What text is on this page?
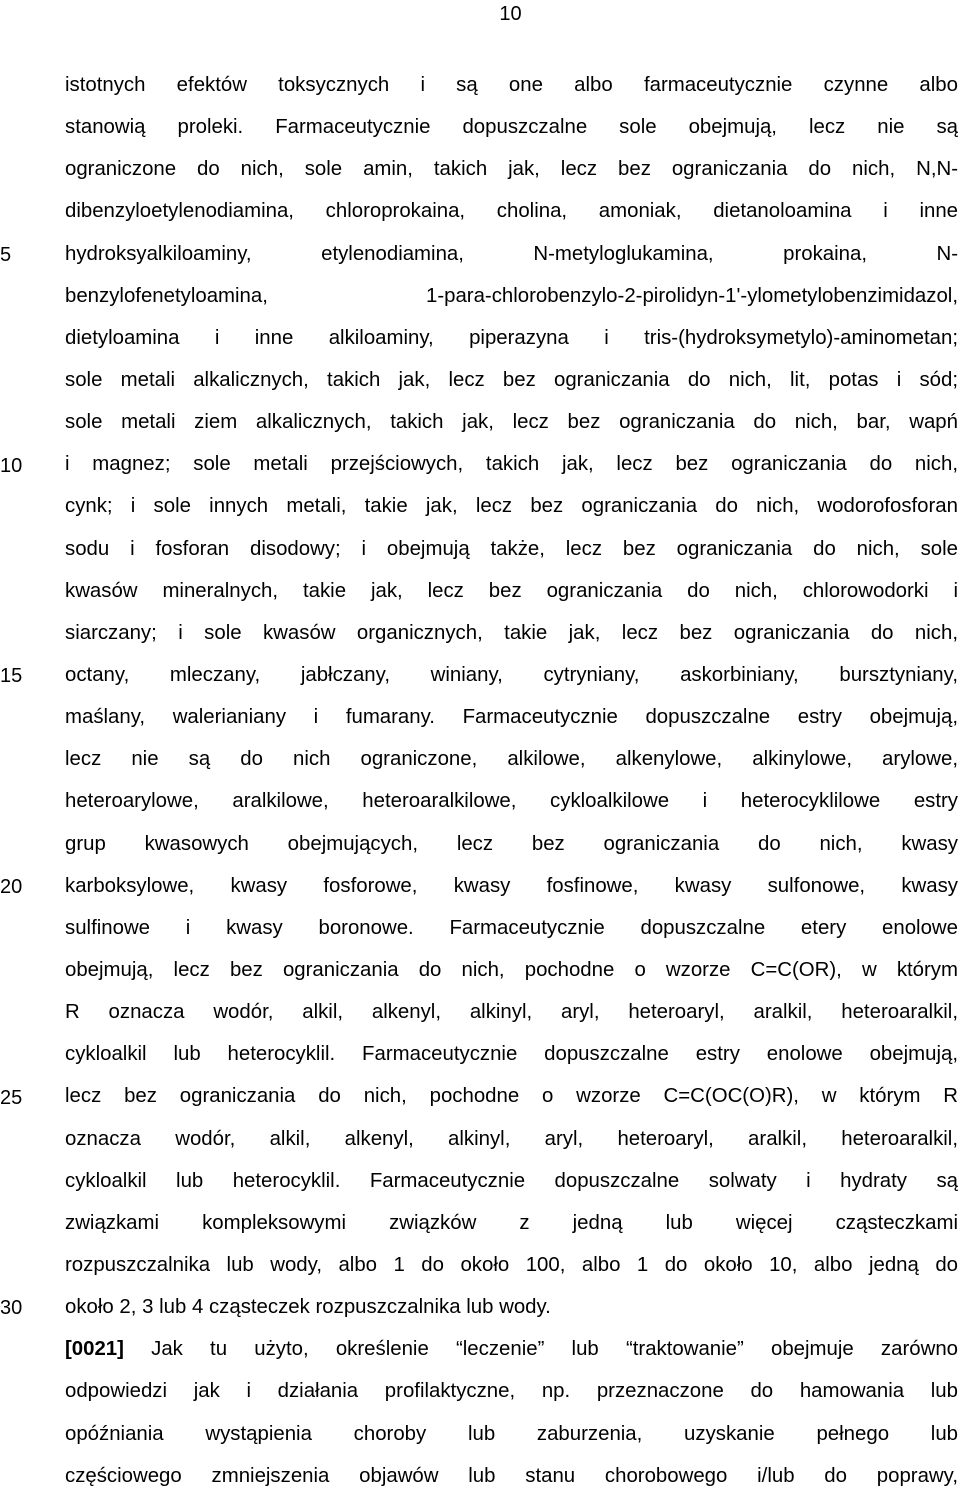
10
5
10
15
20
25
30
istotnych efektów toksycznych i są one albo farmaceutycznie czynne albo
stanowią proleki. Farmaceutycznie dopuszczalne sole obejmują, lecz nie są
ograniczone do nich, sole amin, takich jak, lecz bez ograniczania do nich, N,N-
dibenzyloetylenodiamina, chloroprokaina, cholina, amoniak, dietanoloamina i inne
hydroksyalkiloaminy, etylenodiamina, N-metyloglukamina, prokaina, N-
benzylofenetyloamina, 1-para-chlorobenzylo-2-pirolidyn-1'-ylometylobenzimidazol,
dietyloamina i inne alkiloaminy, piperazyna i tris-(hydroksymetylo)-aminometan;
sole metali alkalicznych, takich jak, lecz bez ograniczania do nich, lit, potas i sód;
sole metali ziem alkalicznych, takich jak, lecz bez ograniczania do nich, bar, wapń
i magnez; sole metali przejściowych, takich jak, lecz bez ograniczania do nich,
cynk; i sole innych metali, takie jak, lecz bez ograniczania do nich, wodorofosforan
sodu i fosforan disodowy; i obejmują także, lecz bez ograniczania do nich, sole
kwasów mineralnych, takie jak, lecz bez ograniczania do nich, chlorowodorki i
siarczany; i sole kwasów organicznych, takie jak, lecz bez ograniczania do nich,
octany, mleczany, jabłczany, winiany, cytryniany, askorbiniany, bursztyniany,
maślany, walerianiany i fumarany. Farmaceutycznie dopuszczalne estry obejmują,
lecz nie są do nich ograniczone, alkilowe, alkenylowe, alkinylowe, arylowe,
heteroarylowe, aralkilowe, heteroaralkilowe, cykloalkilowe i heterocyklilowe estry
grup kwasowych obejmujących, lecz bez ograniczania do nich, kwasy
karboksylowe, kwasy fosforowe, kwasy fosfinowe, kwasy sulfonowe, kwasy
sulfinowe i kwasy boronowe. Farmaceutycznie dopuszczalne etery enolowe
obejmują, lecz bez ograniczania do nich, pochodne o wzorze C=C(OR), w którym
R oznacza wodór, alkil, alkenyl, alkinyl, aryl, heteroaryl, aralkil, heteroaralkil,
cykloalkil lub heterocyklil. Farmaceutycznie dopuszczalne estry enolowe obejmują,
lecz bez ograniczania do nich, pochodne o wzorze C=C(OC(O)R), w którym R
oznacza wodór, alkil, alkenyl, alkinyl, aryl, heteroaryl, aralkil, heteroaralkil,
cykloalkil lub heterocyklil. Farmaceutycznie dopuszczalne solwaty i hydraty są
związkami kompleksowymi związków z jedną lub więcej cząsteczkami
rozpuszczalnika lub wody, albo 1 do około 100, albo 1 do około 10, albo jedną do
około 2, 3 lub 4 cząsteczek rozpuszczalnika lub wody.
[0021] Jak tu użyto, określenie “leczenie” lub “traktowanie” obejmuje zarówno
odpowiedzi jak i działania profilaktyczne, np. przeznaczone do hamowania lub
opóźniania wystąpienia choroby lub zaburzenia, uzyskanie pełnego lub
częściowego zmniejszenia objawów lub stanu chorobowego i/lub do poprawy,
